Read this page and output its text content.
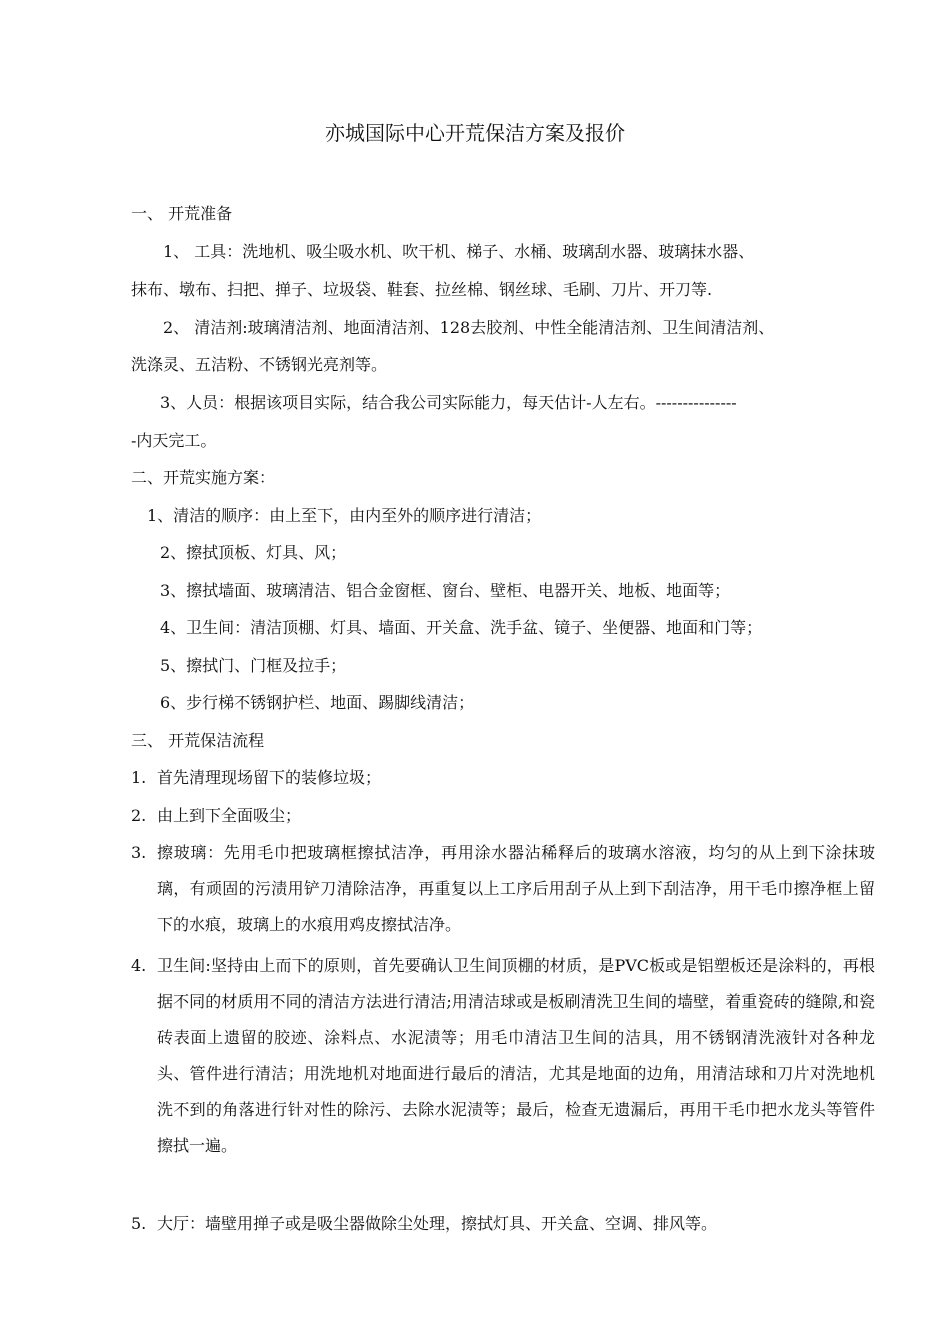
亦城国际中心开荒保洁方案及报价
一、 开荒准备
1、 工具：洗地机、吸尘吸水机、吹干机、梯子、水桶、玻璃刮水器、玻璃抹水器、
抹布、墩布、扫把、掸子、垃圾袋、鞋套、拉丝棉、钢丝球、毛刷、刀片、开刀等.
2、 清洁剂:玻璃清洁剂、地面清洁剂、128去胶剂、中性全能清洁剂、卫生间清洁剂、
洗涤灵、五洁粉、不锈钢光亮剂等。
3、人员：根据该项目实际，结合我公司实际能力，每天估计-人左右。---------------
-内天完工。
二、开荒实施方案：
1、清洁的顺序：由上至下，由内至外的顺序进行清洁；
2、擦拭顶板、灯具、风；
3、擦拭墙面、玻璃清洁、铝合金窗框、窗台、壁柜、电器开关、地板、地面等；
4、卫生间：清洁顶棚、灯具、墙面、开关盒、洗手盆、镜子、坐便器、地面和门等；
5、擦拭门、门框及拉手；
6、步行梯不锈钢护栏、地面、踢脚线清洁；
三、 开荒保洁流程
1. 首先清理现场留下的装修垃圾；
2. 由上到下全面吸尘；
3. 擦玻璃：先用毛巾把玻璃框擦拭洁净，再用涂水器沾稀释后的玻璃水溶液，均匀的从上到下涂抹玻璃，有顽固的污渍用铲刀清除洁净，再重复以上工序后用刮子从上到下刮洁净，用干毛巾擦净框上留下的水痕，玻璃上的水痕用鸡皮擦拭洁净。
4. 卫生间:坚持由上而下的原则，首先要确认卫生间顶棚的材质，是PVC板或是铝塑板还是涂料的，再根据不同的材质用不同的清洁方法进行清洁;用清洁球或是板刷清洗卫生间的墙壁，着重瓷砖的缝隙,和瓷砖表面上遗留的胶迹、涂料点、水泥渍等；用毛巾清洁卫生间的洁具，用不锈钢清洗液针对各种龙头、管件进行清洁；用洗地机对地面进行最后的清洁，尤其是地面的边角，用清洁球和刀片对洗地机洗不到的角落进行针对性的除污、去除水泥渍等；最后，检查无遗漏后，再用干毛巾把水龙头等管件擦拭一遍。
5. 大厅：墙壁用掸子或是吸尘器做除尘处理，擦拭灯具、开关盒、空调、排风等。
